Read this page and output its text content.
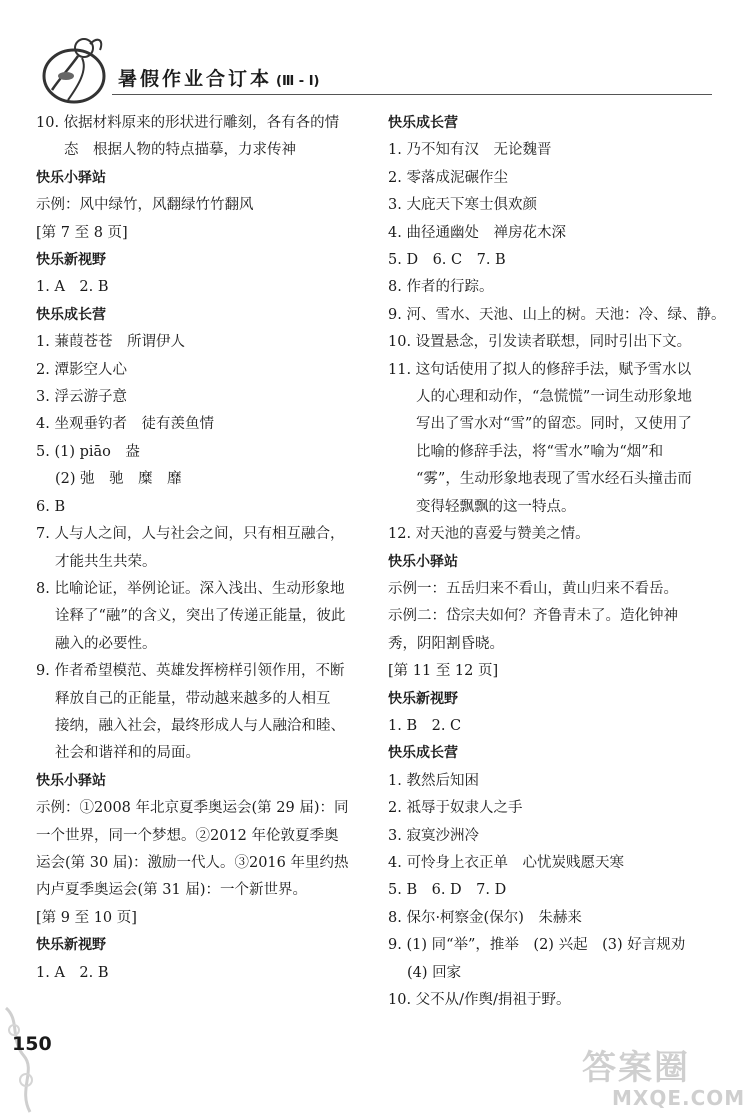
暑假作业合订本 (Ⅲ - Ⅰ)
10. 依据材料原来的形状进行雕刻，各有各的情
态　根据人物的特点描摹，力求传神
快乐小驿站
示例：风中绿竹，风翻绿竹竹翻风
[第 7 至 8 页]
快乐新视野
1. A　2. B
快乐成长营
1. 蒹葭苍苍　所谓伊人
2. 潭影空人心
3. 浮云游子意
4. 坐观垂钓者　徒有羡鱼情
5. (1) piāo　盎
(2) 弛　驰　糜　靡
6. B
7. 人与人之间，人与社会之间，只有相互融合，
才能共生共荣。
8. 比喻论证，举例论证。深入浅出、生动形象地
诠释了“融”的含义，突出了传递正能量，彼此
融入的必要性。
9. 作者希望模范、英雄发挥榜样引领作用，不断
释放自己的正能量，带动越来越多的人相互
接纳，融入社会，最终形成人与人融洽和睦、
社会和谐祥和的局面。
快乐小驿站
示例：①2008 年北京夏季奥运会(第 29 届)：同
一个世界，同一个梦想。②2012 年伦敦夏季奥
运会(第 30 届)：激励一代人。③2016 年里约热
内卢夏季奥运会(第 31 届)：一个新世界。
[第 9 至 10 页]
快乐新视野
1. A　2. B
快乐成长营
1. 乃不知有汉　无论魏晋
2. 零落成泥碾作尘
3. 大庇天下寒士俱欢颜
4. 曲径通幽处　禅房花木深
5. D　6. C　7. B
8. 作者的行踪。
9. 河、雪水、天池、山上的树。天池：冷、绿、静。
10. 设置悬念，引发读者联想，同时引出下文。
11. 这句话使用了拟人的修辞手法，赋予雪水以
人的心理和动作，“急慌慌”一词生动形象地
写出了雪水对“雪”的留恋。同时，又使用了
比喻的修辞手法，将“雪水”喻为“烟”和
“雾”，生动形象地表现了雪水经石头撞击而
变得轻飘飘的这一特点。
12. 对天池的喜爱与赞美之情。
快乐小驿站
示例一：五岳归来不看山，黄山归来不看岳。
示例二：岱宗夫如何？齐鲁青未了。造化钟神
秀，阴阳割昏晓。
[第 11 至 12 页]
快乐新视野
1. B　2. C
快乐成长营
1. 教然后知困
2. 祗辱于奴隶人之手
3. 寂寞沙洲冷
4. 可怜身上衣正单　心忧炭贱愿天寒
5. B　6. D　7. D
8. 保尔·柯察金(保尔)　朱赫来
9. (1) 同“举”，推举　(2) 兴起　(3) 好言规劝
(4) 回家
10. 父不从/作舆/捐祖于野。
150
答案圈
MXQE.COM
